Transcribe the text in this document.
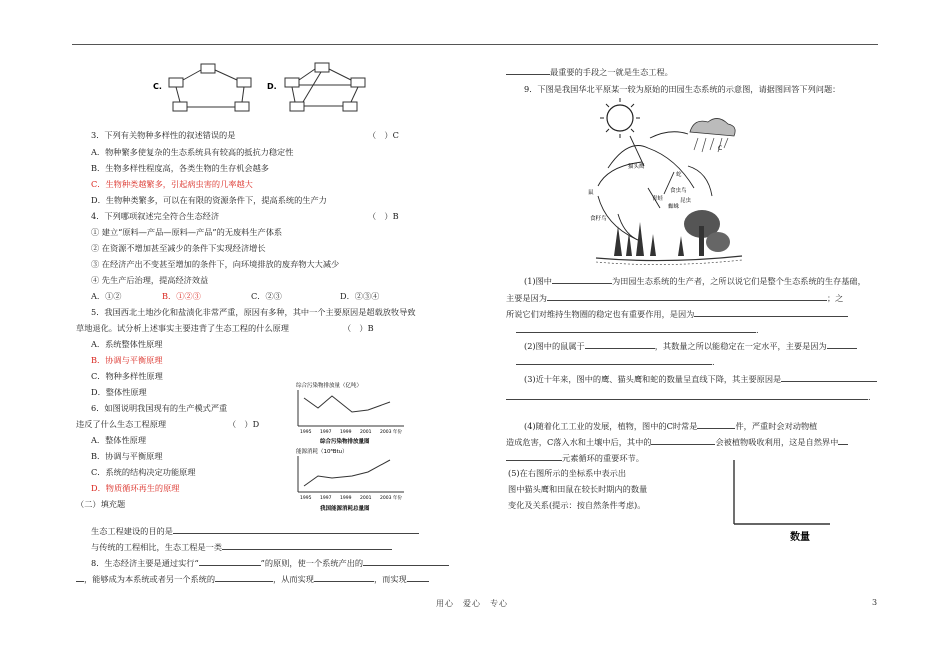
C.	D.
3．下列有关物种多样性的叙述错误的是	（　）C
A．物种繁多使复杂的生态系统具有较高的抵抗力稳定性
B．生物多样性程度高，各类生物的生存机会越多
C．生物种类越繁多，引起病虫害的几率越大
D．生物种类繁多，可以在有限的资源条件下，提高系统的生产力
4．下列哪项叙述完全符合生态经济	（　）B
① 建立“原料—产品—原料—产品”的无废料生产体系
② 在资源不增加甚至减少的条件下实现经济增长
③ 在经济产出不变甚至增加的条件下，向环境排放的废弃物大大减少
④ 先生产后治理，提高经济效益
A．①②	B．①②③	C．②③	D．②③④
5．我国西北土地沙化和盐渍化非常严重，原因有多种，其中一个主要原因是超载放牧导致
草地退化。试分析上述事实主要违背了生态工程的什么原理	（　）B
A．系统整体性原理
B．协调与平衡原理
C．物种多样性原理
D．整体性原理
6．如图说明我国现有的生产模式严重
违反了什么生态工程原理	（　）D
A．整体性原理
B．协调与平衡原理
C．系统的结构决定功能原理
D．物质循环再生的原理
综合污染物排放量（亿吨）
1995 1997 1999 2001 2003 年份
综合污染物排放量图
能源消耗（10⁸Btu）
1995 1997 1999 2001 2003 年份
我国能源消耗总量图
（二）填充题
生态工程建设的目的是
与传统的工程相比，生态工程是一类
8．生态经济主要是通过实行“	”的原则，使一个系统产出的
，能够成为本系统或者另一个系统的	，从而实现	，而实现
最重要的手段之一就是生态工程。
9．下图是我国华北平原某一较为原始的田园生态系统的示意图，请据图回答下列问题：
猫头鹰
蛇
鼠	食虫鸟
青蛙	昆虫
蜘蛛
食籽鸟
C
(1)图中	为田园生态系统的生产者，之所以说它们是整个生态系统的生存基础，
主要是因为	；之
所说它们对维持生物圈的稳定也有重要作用，是因为
.
(2)图中的鼠属于	，其数量之所以能稳定在一定水平，主要是因为
.
(3)近十年来，图中的鹰、猫头鹰和蛇的数量呈直线下降，其主要原因是
.
(4)随着化工工业的发展，植物，图中的C时常是	件，严重时会对动物植
造成危害，C落入水和土壤中后，其中的	会被植物吸收利用，这是自然界中
元素循环的重要环节。
(5)在右图所示的坐标系中表示出
图中猫头鹰和田鼠在较长时期内的数量
变化及关系(提示：按自然条件考虑)。
数量
用心　爱心　专心	3
